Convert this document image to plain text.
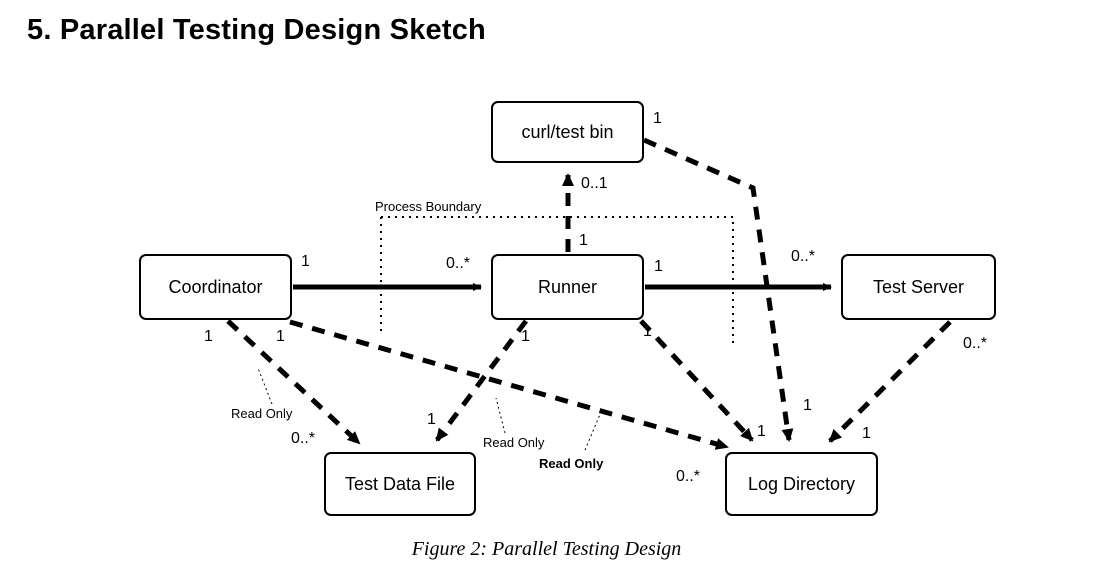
5. Parallel Testing Design Sketch
curl/test bin
Coordinator	Runner	Test Server
Test Data File	Log Directory
1
0..1
1
1	0..*	1
0..*
1	1	1	1
0..*
1
1
0..*	1	1
0..*
Process Boundary
Read Only
Read Only
Read Only
Figure 2: Parallel Testing Design
